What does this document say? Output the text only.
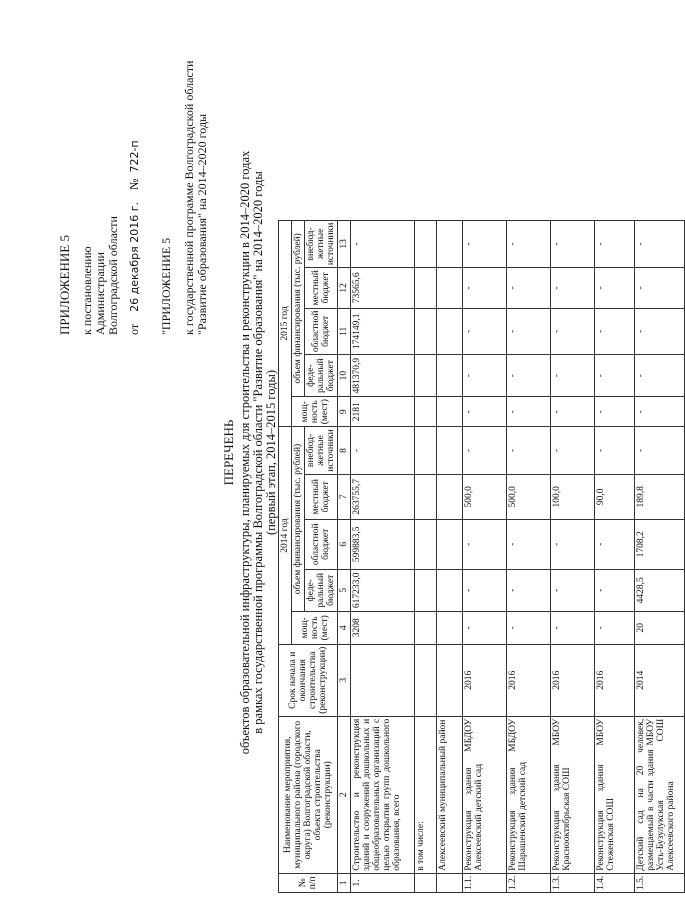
ПРИЛОЖЕНИЕ 5 к постановлению Администрации Волгоградской области от    26 декабря 2016 г.    №  722-п
"ПРИЛОЖЕНИЕ 5 к государственной программе Волгоградской области "Развитие образования" на 2014–2020 годы
ПЕРЕЧЕНЬ объектов образовательной инфраструктуры, планируемых для строительства и реконструкции в 2014–2020 годах в рамках государственной программы Волгоградской области "Развитие образования" на 2014–2020 годы (первый этап, 2014–2015 годы)
№ п/п	Наименование мероприятия, муниципального района (городского округа) Волгоградской области, объекта строительства (реконструкции)	Срок начала и окончания строительства (реконструкции)	2014 год					2015 год				
			мощ-ность (мест)	объем финансирования (тыс. рублей)				мощ-ность (мест)	объем финансирования (тыс. рублей)			
				феде-ральный бюджет	областной бюджет	местный бюджет	внебюд-жетные источники		феде-ральный бюджет	областной бюджет	местный бюджет	внебюд-жетные источники
1	2	3	4	5	6	7	8	9	10	11	12	13
1.	Строительство и реконструкция зданий и сооружений дошкольных и общеобразовательных организаций с целью открытия групп дошкольного образования, всего		3208	617233,0	599883,5	263755,7	-	2181	481370,9	174149,1	73565,6	-
	в том числе:											
	Алексеевский муниципальный район											
1.1.	Реконструкция здания МБДОУ Алексеевский детский сад	2016	-	-	-	500,0	-	-	-	-	-	-
1.2.	Реконструкция здания МБДОУ Шарашенский детский сад	2016	-	-	-	500,0	-	-	-	-	-	-
1.3.	Реконструкция здания МБОУ Краснооктябрьская СОШ	2016	-	-	-	100,0	-	-	-	-	-	-
1.4.	Реконструкция здания МБОУ Стеженская СОШ	2016	-	-	-	90,0	-	-	-	-	-	-
1.5.	Детский сад на 20 человек, размещаемый в части здания МБОУ Усть-Бузулукская СОШ Алексеевского района	2014	20	4428,5	1708,2	189,8	-	-	-	-	-	-
